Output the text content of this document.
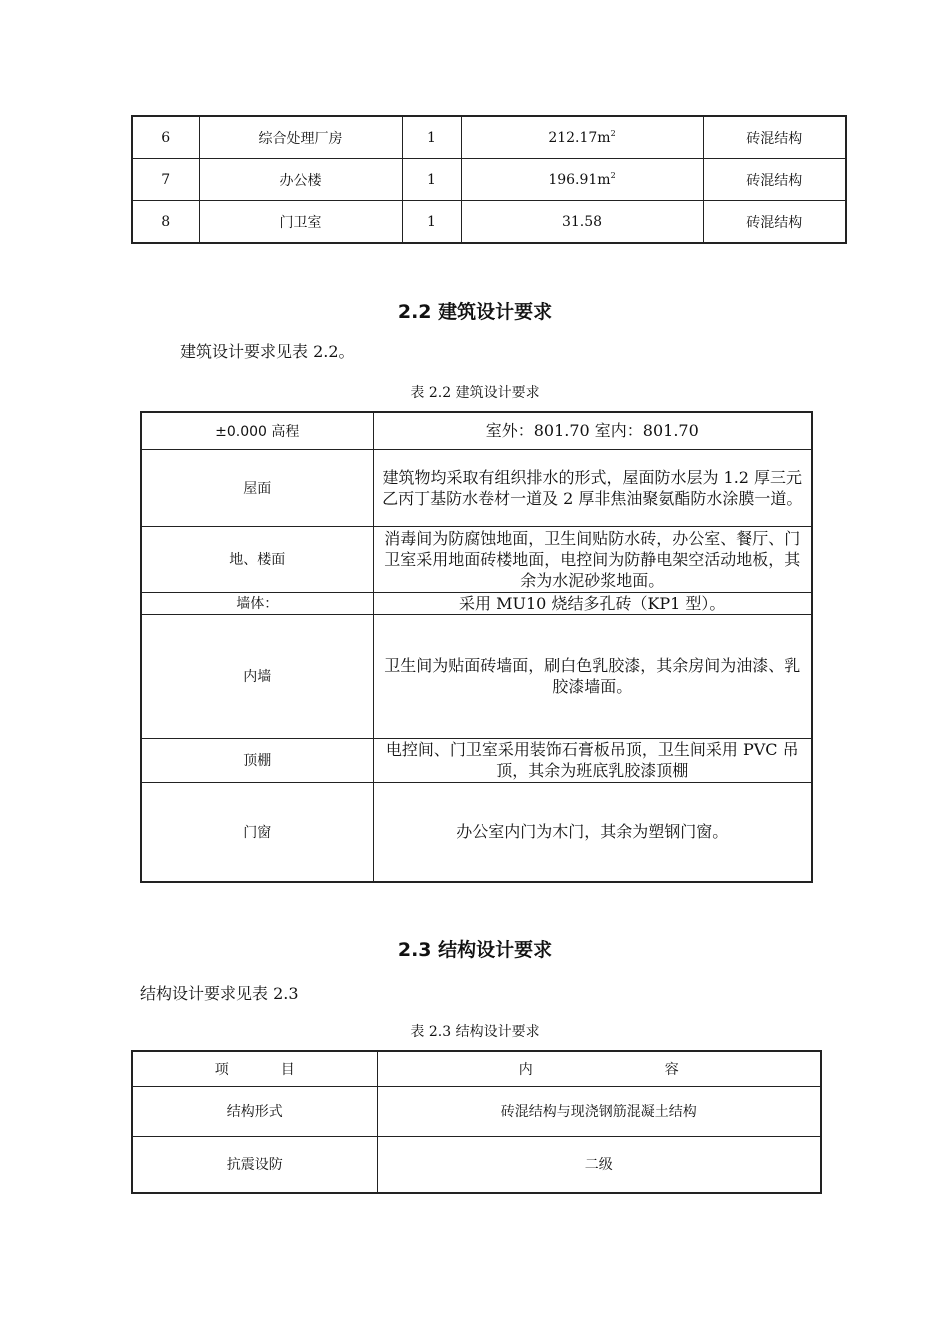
6	综合处理厂房	1	$212.17m^2$	砖混结构
7	办公楼	1	$196.91m^2$	砖混结构
8	门卫室	1	31.58	砖混结构
2.2 建筑设计要求
建筑设计要求见表 2.2。
表 2.2 建筑设计要求
±0.000 高程	室外：801.70 室内：801.70
屋面	建筑物均采取有组织排水的形式，屋面防水层为 1.2 厚三元乙丙丁基防水卷材一道及 2 厚非焦油聚氨酯防水涂膜一道。
地、楼面	消毒间为防腐蚀地面，卫生间贴防水砖，办公室、餐厅、门卫室采用地面砖楼地面，电控间为防静电架空活动地板，其余为水泥砂浆地面。
墙体：	采用 MU10 烧结多孔砖（KP1 型）。
内墙	卫生间为贴面砖墙面，刷白色乳胶漆，其余房间为油漆、乳胶漆墙面。
顶棚	电控间、门卫室采用装饰石膏板吊顶，卫生间采用 PVC 吊顶，其余为班底乳胶漆顶棚
门窗	办公室内门为木门，其余为塑钢门窗。
2.3 结构设计要求
结构设计要求见表 2.3
表 2.3 结构设计要求
项 目	内 容
结构形式	砖混结构与现浇钢筋混凝土结构
抗震设防	二级
